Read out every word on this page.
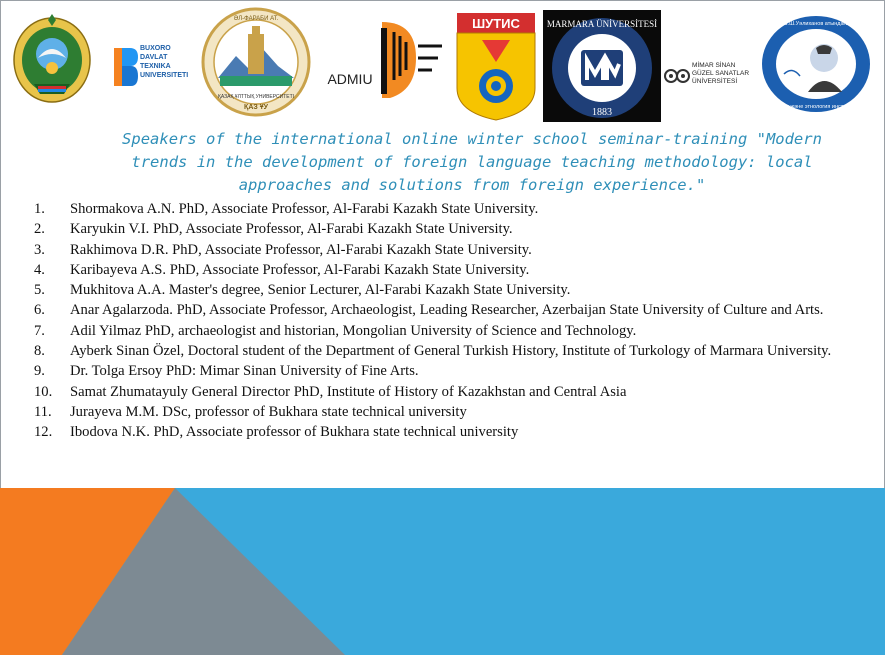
BUXORO
DAVLAT
TEXNIKA
UNIVERSITETI
ӘЛ-ФАРАБИ АТ.
ҚАЗАҚ ҰЛТТЫҚ УНИВЕРСИТЕТІ
ҚАЗ ҰУ
ADMIU
ШУТИС	MARMARA ÜNİVERSİTESİ
1883
MİMAR SİNAN
GÜZEL SANATLAR
ÜNİVERSİTESİ
Ш.Ш.Уәлиханов атындағы
Тарих және этнология институты
Speakers of the international online winter school seminar-training "Modern trends in the development of foreign language teaching methodology: local approaches and solutions from foreign experience."
1.	Shormakova A.N. PhD, Associate Professor, Al-Farabi Kazakh State University.
2.	Karyukin V.I. PhD, Associate Professor, Al-Farabi Kazakh State University.
3.	Rakhimova D.R. PhD, Associate Professor, Al-Farabi Kazakh State University.
4.	Karibayeva A.S. PhD, Associate Professor, Al-Farabi Kazakh State University.
5.	Mukhitova A.A. Master's degree, Senior Lecturer, Al-Farabi Kazakh State University.
6.	Anar Agalarzoda. PhD, Associate Professor, Archaeologist, Leading Researcher, Azerbaijan State University of Culture and Arts.
7.	Adil Yilmaz PhD, archaeologist and historian, Mongolian University of Science and Technology.
8.	Ayberk Sinan Özel, Doctoral student of the Department of General Turkish History, Institute of Turkology of Marmara University.
9.	Dr. Tolga Ersoy PhD: Mimar Sinan University of Fine Arts.
10.	Samat Zhumatayuly General Director PhD, Institute of History of Kazakhstan and Central Asia
11.	Jurayeva M.M. DSc, professor of Bukhara state technical university
12.	Ibodova N.K. PhD, Associate professor of Bukhara state technical university
